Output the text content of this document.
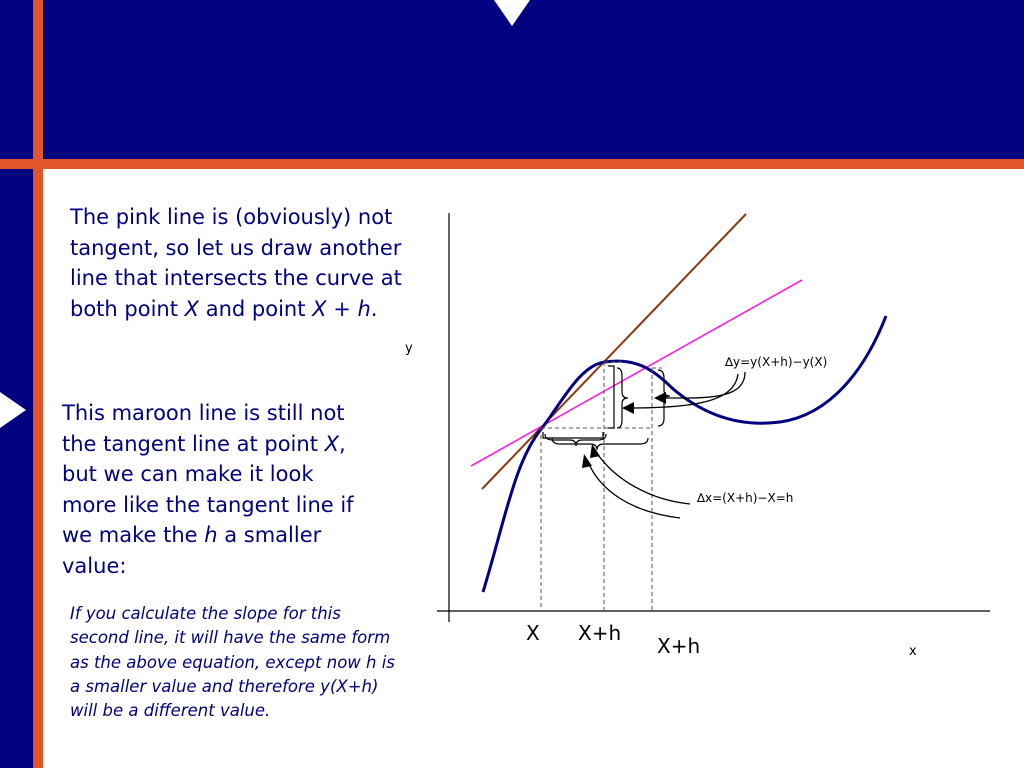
The pink line is (obviously) not tangent, so let us draw another line that intersects the curve at both point X and point X + h.
This maroon line is still not the tangent line at point X, but we can make it look more like the tangent line if we make the h a smaller value:
If you calculate the slope for this second line, it will have the same form as the above equation, except now h is a smaller value and therefore y(X+h) will be a different value.
y
x
∆y=y(X+h)−y(X)
∆x=(X+h)−X=h
X X+h
X+h
